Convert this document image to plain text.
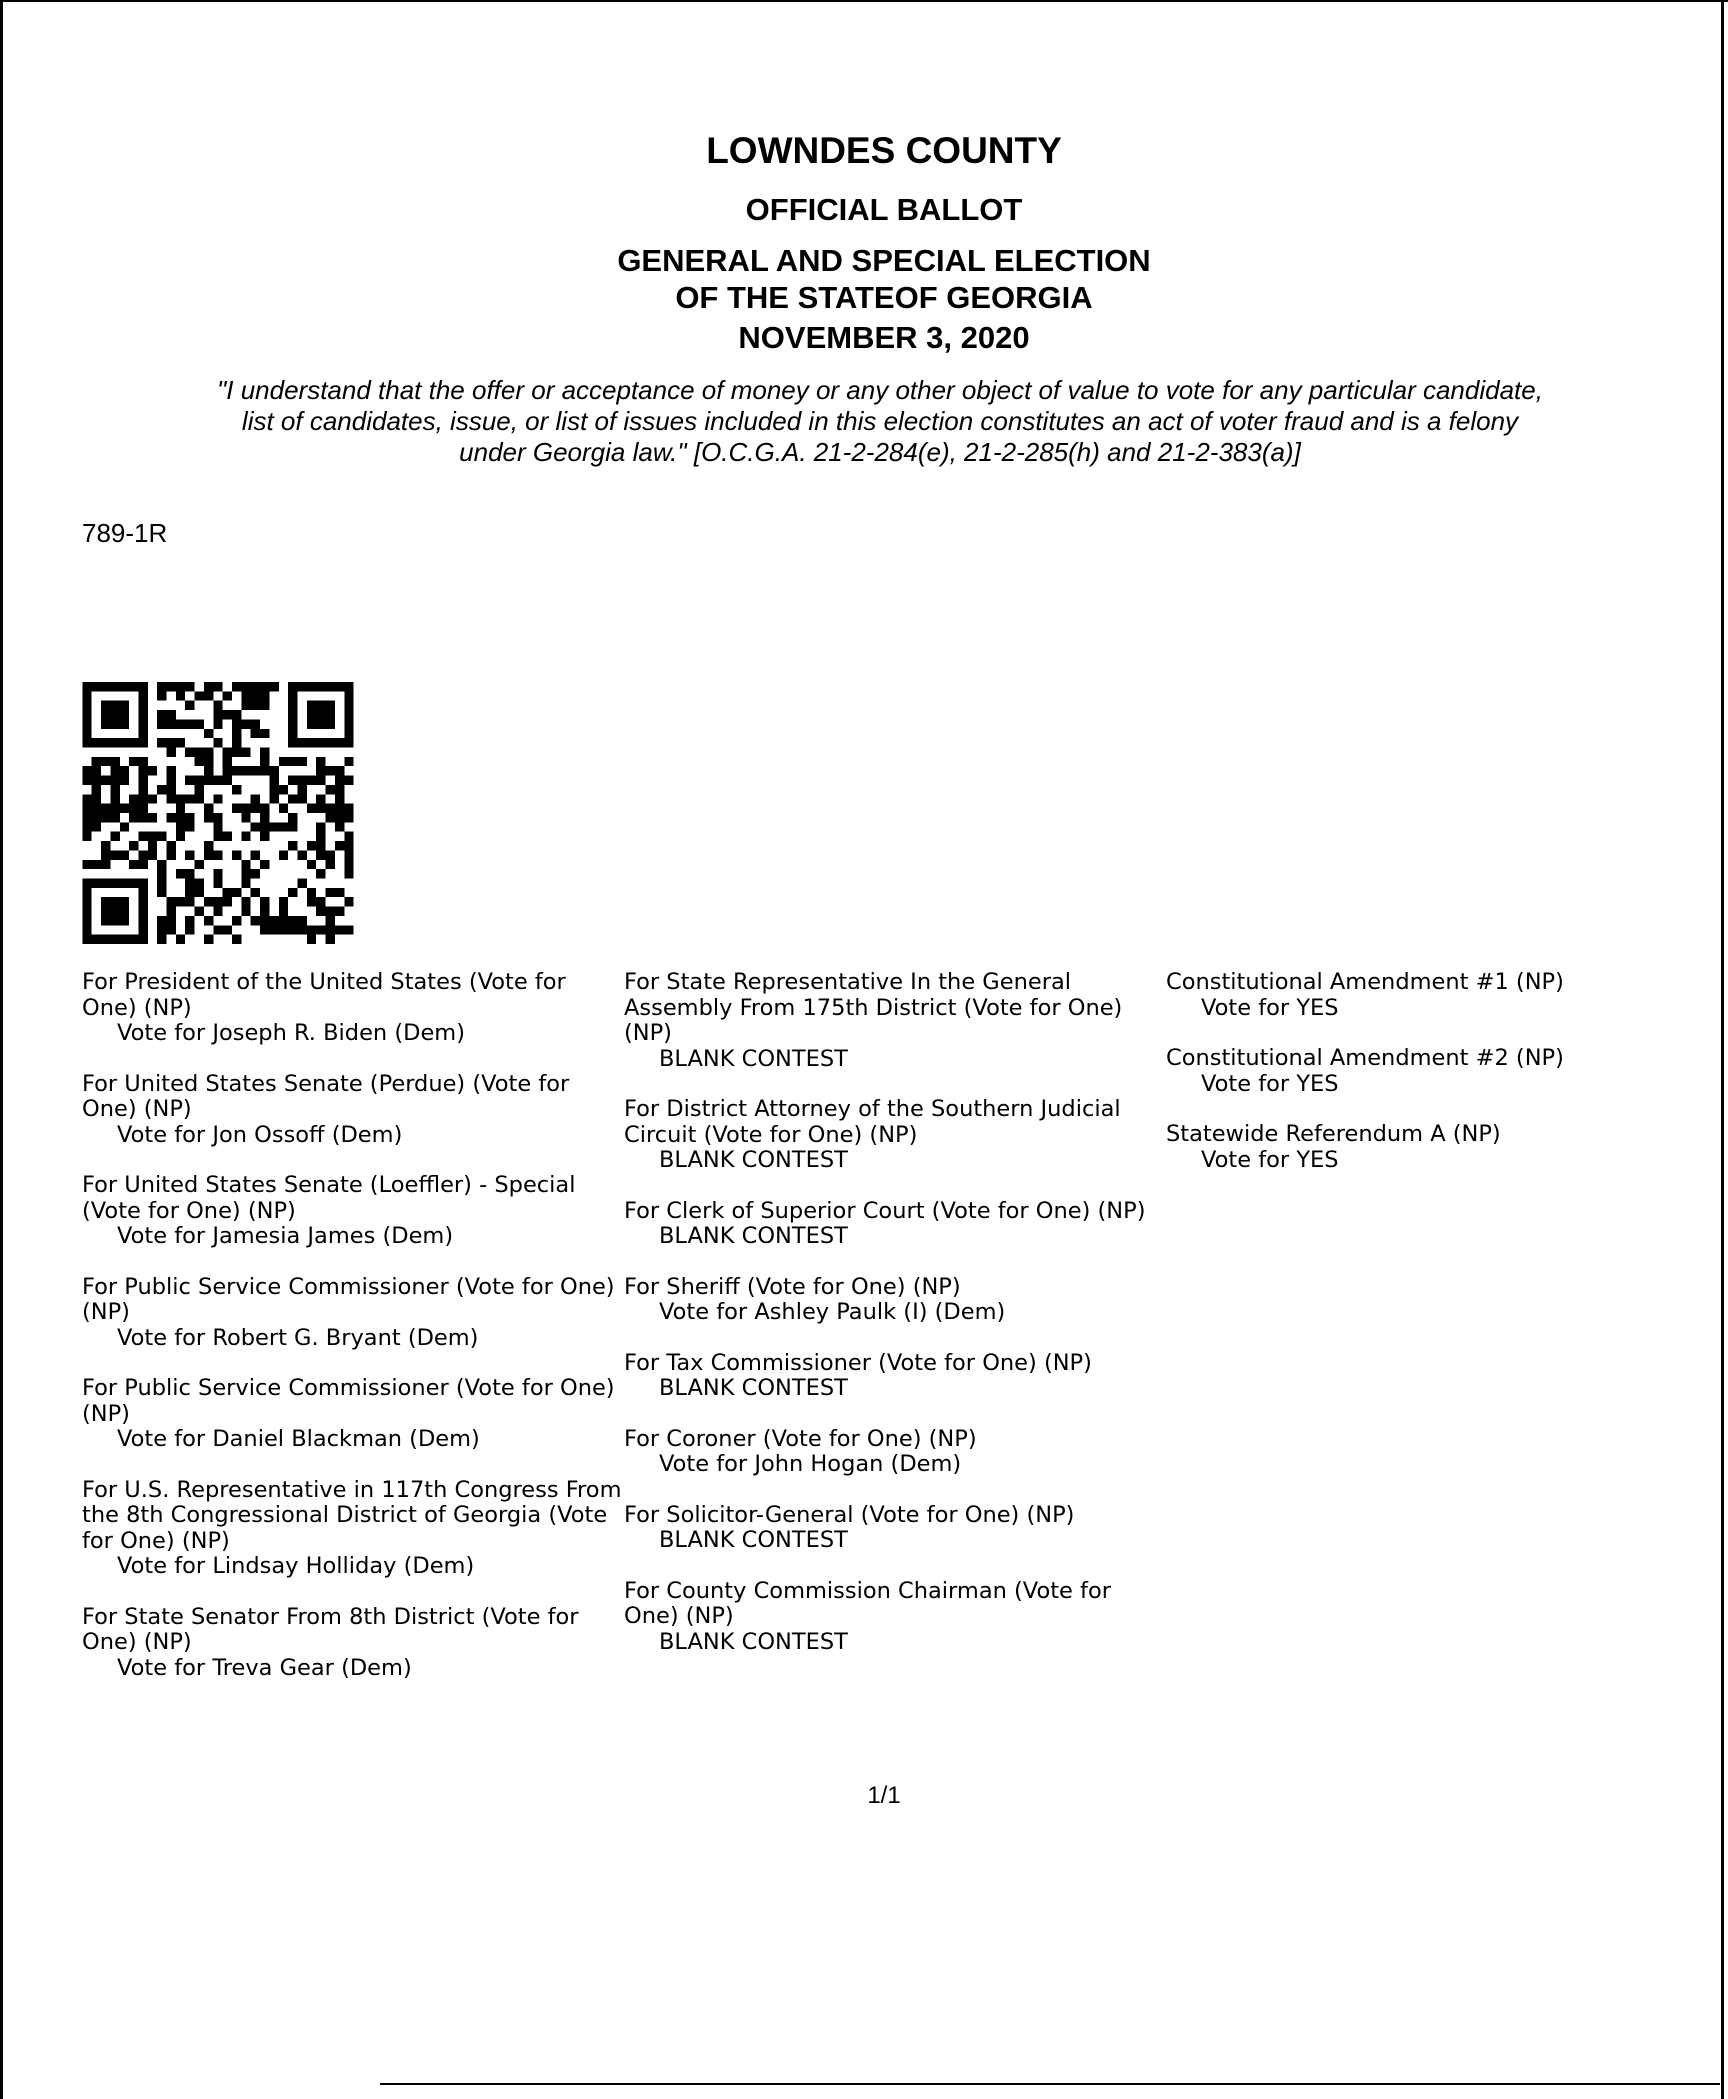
LOWNDES COUNTY
OFFICIAL BALLOT
GENERAL AND SPECIAL ELECTION
OF THE STATEOF GEORGIA
NOVEMBER 3, 2020
"I understand that the offer or acceptance of money or any other object of value to vote for any particular candidate,
list of candidates, issue, or list of issues included in this election constitutes an act of voter fraud and is a felony
under Georgia law." [O.C.G.A. 21-2-284(e), 21-2-285(h) and 21-2-383(a)]
789-1R
For President of the United States (Vote for One) (NP)
Vote for Joseph R. Biden (Dem)
For United States Senate (Perdue) (Vote for One) (NP)
Vote for Jon Ossoff (Dem)
For United States Senate (Loeffler) - Special (Vote for One) (NP)
Vote for Jamesia James (Dem)
For Public Service Commissioner (Vote for One) (NP)
Vote for Robert G. Bryant (Dem)
For Public Service Commissioner (Vote for One) (NP)
Vote for Daniel Blackman (Dem)
For U.S. Representative in 117th Congress From the 8th Congressional District of Georgia (Vote for One) (NP)
Vote for Lindsay Holliday (Dem)
For State Senator From 8th District (Vote for One) (NP)
Vote for Treva Gear (Dem)
For State Representative In the General Assembly From 175th District (Vote for One) (NP)
BLANK CONTEST
For District Attorney of the Southern Judicial Circuit (Vote for One) (NP)
BLANK CONTEST
For Clerk of Superior Court (Vote for One) (NP)
BLANK CONTEST
For Sheriff (Vote for One) (NP)
Vote for Ashley Paulk (I) (Dem)
For Tax Commissioner (Vote for One) (NP)
BLANK CONTEST
For Coroner (Vote for One) (NP)
Vote for John Hogan (Dem)
For Solicitor-General (Vote for One) (NP)
BLANK CONTEST
For County Commission Chairman (Vote for One) (NP)
BLANK CONTEST
Constitutional Amendment #1 (NP)
Vote for YES
Constitutional Amendment #2 (NP)
Vote for YES
Statewide Referendum A (NP)
Vote for YES
1/1
